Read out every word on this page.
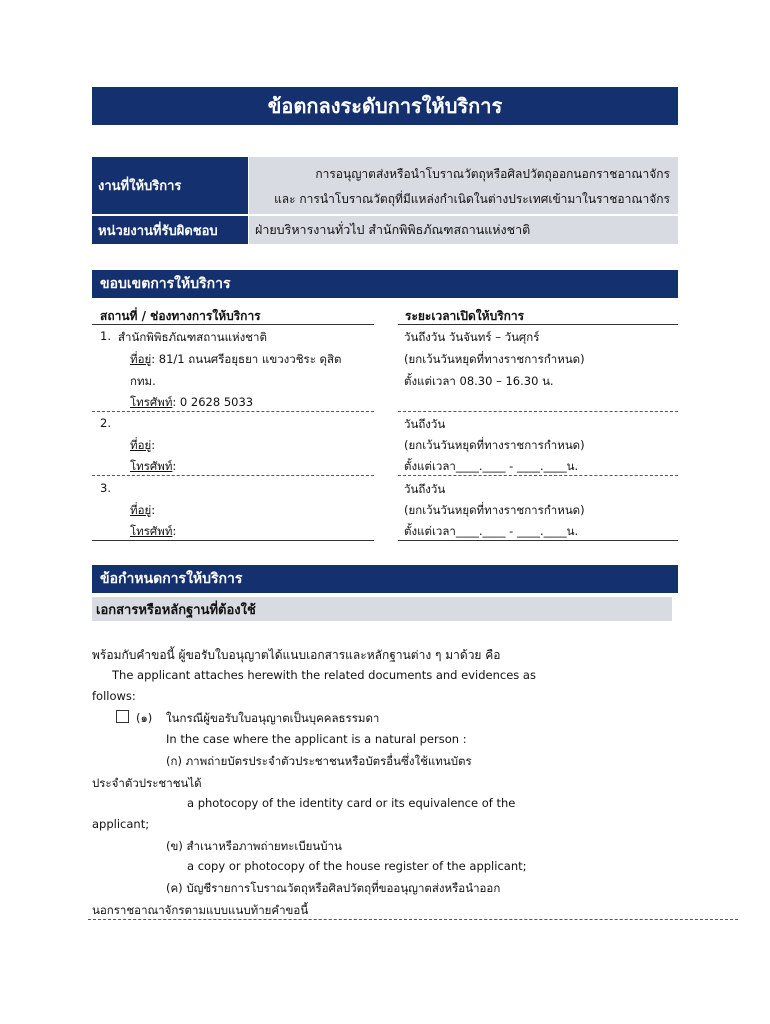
ข้อตกลงระดับการให้บริการ
งานที่ให้บริการ
การอนุญาตส่งหรือนำโบราณวัตถุหรือศิลปวัตถุออกนอกราชอาณาจักร
และ การนำโบราณวัตถุที่มีแหล่งกำเนิดในต่างประเทศเข้ามาในราชอาณาจักร
หน่วยงานที่รับผิดชอบ	ฝ่ายบริหารงานทั่วไป สำนักพิพิธภัณฑสถานแห่งชาติ
ขอบเขตการให้บริการ
สถานที่ / ช่องทางการให้บริการ	ระยะเวลาเปิดให้บริการ
1. สำนักพิพิธภัณฑสถานแห่งชาติ
ที่อยู่: 81/1 ถนนศรีอยุธยา แขวงวชิระ ดุสิต
กทม.
โทรศัพท์: 0 2628 5033
วันถึงวัน วันจันทร์ – วันศุกร์
(ยกเว้นวันหยุดที่ทางราชการกำหนด)
ตั้งแต่เวลา 08.30 – 16.30 น.
2.
ที่อยู่:
โทรศัพท์:
วันถึงวัน
(ยกเว้นวันหยุดที่ทางราชการกำหนด)
ตั้งแต่เวลา____.____ - ____.____น.
3.
ที่อยู่:
โทรศัพท์:
วันถึงวัน
(ยกเว้นวันหยุดที่ทางราชการกำหนด)
ตั้งแต่เวลา____.____ - ____.____น.
ข้อกำหนดการให้บริการ
เอกสารหรือหลักฐานที่ต้องใช้
พร้อมกับคำขอนี้ ผู้ขอรับใบอนุญาตได้แนบเอกสารและหลักฐานต่าง ๆ มาด้วย คือ
The applicant attaches herewith the related documents and evidences as
follows:
(๑) ในกรณีผู้ขอรับใบอนุญาตเป็นบุคคลธรรมดา
In the case where the applicant is a natural person :
(ก) ภาพถ่ายบัตรประจำตัวประชาชนหรือบัตรอื่นซึ่งใช้แทนบัตร
ประจำตัวประชาชนได้
a photocopy of the identity card or its equivalence of the
applicant;
(ข) สำเนาหรือภาพถ่ายทะเบียนบ้าน
a copy or photocopy of the house register of the applicant;
(ค) บัญชีรายการโบราณวัตถุหรือศิลปวัตถุที่ขออนุญาตส่งหรือนำออก
นอกราชอาณาจักรตามแบบแนบท้ายคำขอนี้
